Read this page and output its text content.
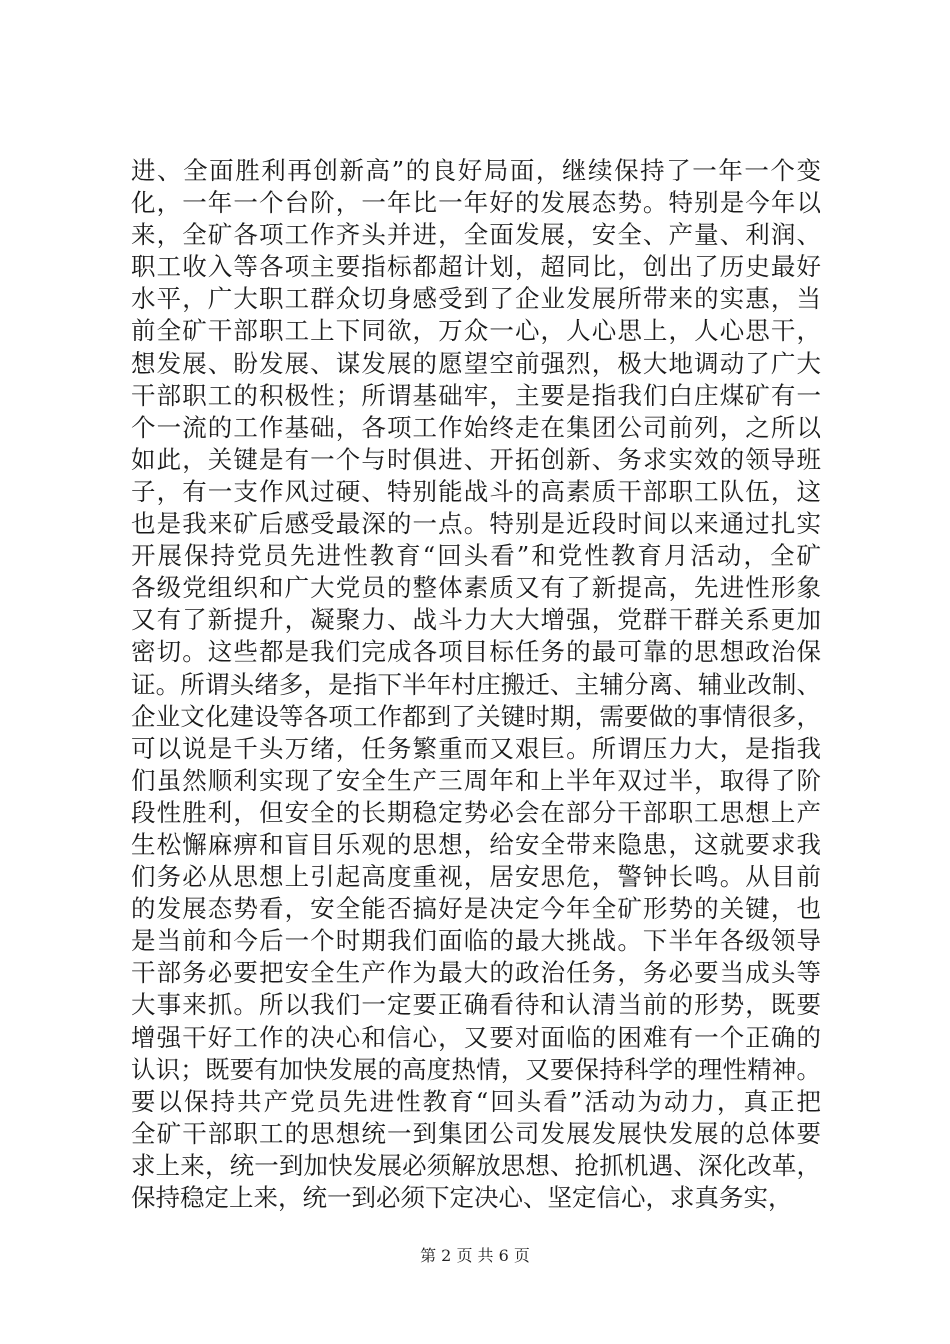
进、全面胜利再创新高”的良好局面，继续保持了一年一个变
化，一年一个台阶，一年比一年好的发展态势。特别是今年以
来，全矿各项工作齐头并进，全面发展，安全、产量、利润、
职工收入等各项主要指标都超计划，超同比，创出了历史最好
水平，广大职工群众切身感受到了企业发展所带来的实惠，当
前全矿干部职工上下同欲，万众一心，人心思上，人心思干，
想发展、盼发展、谋发展的愿望空前强烈，极大地调动了广大
干部职工的积极性；所谓基础牢，主要是指我们白庄煤矿有一
个一流的工作基础，各项工作始终走在集团公司前列，之所以
如此，关键是有一个与时俱进、开拓创新、务求实效的领导班
子，有一支作风过硬、特别能战斗的高素质干部职工队伍，这
也是我来矿后感受最深的一点。特别是近段时间以来通过扎实
开展保持党员先进性教育“回头看”和党性教育月活动，全矿
各级党组织和广大党员的整体素质又有了新提高，先进性形象
又有了新提升，凝聚力、战斗力大大增强，党群干群关系更加
密切。这些都是我们完成各项目标任务的最可靠的思想政治保
证。所谓头绪多，是指下半年村庄搬迁、主辅分离、辅业改制、
企业文化建设等各项工作都到了关键时期，需要做的事情很多，
可以说是千头万绪，任务繁重而又艰巨。所谓压力大，是指我
们虽然顺利实现了安全生产三周年和上半年双过半，取得了阶
段性胜利，但安全的长期稳定势必会在部分干部职工思想上产
生松懈麻痹和盲目乐观的思想，给安全带来隐患，这就要求我
们务必从思想上引起高度重视，居安思危，警钟长鸣。从目前
的发展态势看，安全能否搞好是决定今年全矿形势的关键，也
是当前和今后一个时期我们面临的最大挑战。下半年各级领导
干部务必要把安全生产作为最大的政治任务，务必要当成头等
大事来抓。所以我们一定要正确看待和认清当前的形势，既要
增强干好工作的决心和信心，又要对面临的困难有一个正确的
认识；既要有加快发展的高度热情，又要保持科学的理性精神。
要以保持共产党员先进性教育“回头看”活动为动力，真正把
全矿干部职工的思想统一到集团公司发展发展快发展的总体要
求上来，统一到加快发展必须解放思想、抢抓机遇、深化改革，
保持稳定上来，统一到必须下定决心、坚定信心，求真务实，
第 2 页 共 6 页
